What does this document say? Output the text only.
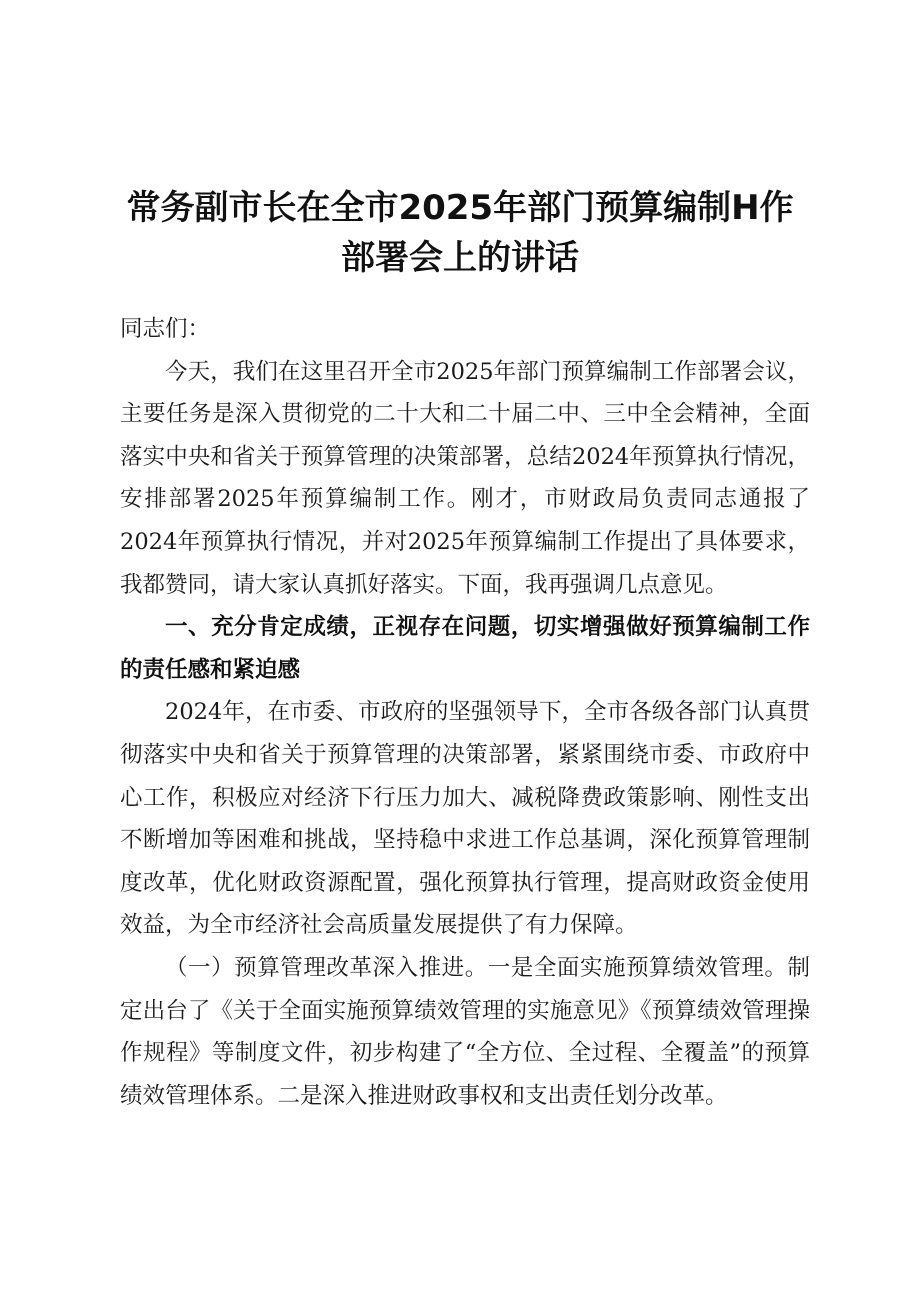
常务副市长在全市2025年部门预算编制H作
部署会上的讲话

同志们：

今天，我们在这里召开全市2025年部门预算编制工作部署会议，主要任务是深入贯彻党的二十大和二十届二中、三中全会精神，全面落实中央和省关于预算管理的决策部署，总结2024年预算执行情况，安排部署2025年预算编制工作。刚才，市财政局负责同志通报了2024年预算执行情况，并对2025年预算编制工作提出了具体要求，我都赞同，请大家认真抓好落实。下面，我再强调几点意见。

一、充分肯定成绩，正视存在问题，切实增强做好预算编制工作的责任感和紧迫感

2024年，在市委、市政府的坚强领导下，全市各级各部门认真贯彻落实中央和省关于预算管理的决策部署，紧紧围绕市委、市政府中心工作，积极应对经济下行压力加大、减税降费政策影响、刚性支出不断增加等困难和挑战，坚持稳中求进工作总基调，深化预算管理制度改革，优化财政资源配置，强化预算执行管理，提高财政资金使用效益，为全市经济社会高质量发展提供了有力保障。

（一）预算管理改革深入推进。一是全面实施预算绩效管理。制定出台了《关于全面实施预算绩效管理的实施意见》《预算绩效管理操作规程》等制度文件，初步构建了“全方位、全过程、全覆盖”的预算绩效管理体系。二是深入推进财政事权和支出责任划分改革。
